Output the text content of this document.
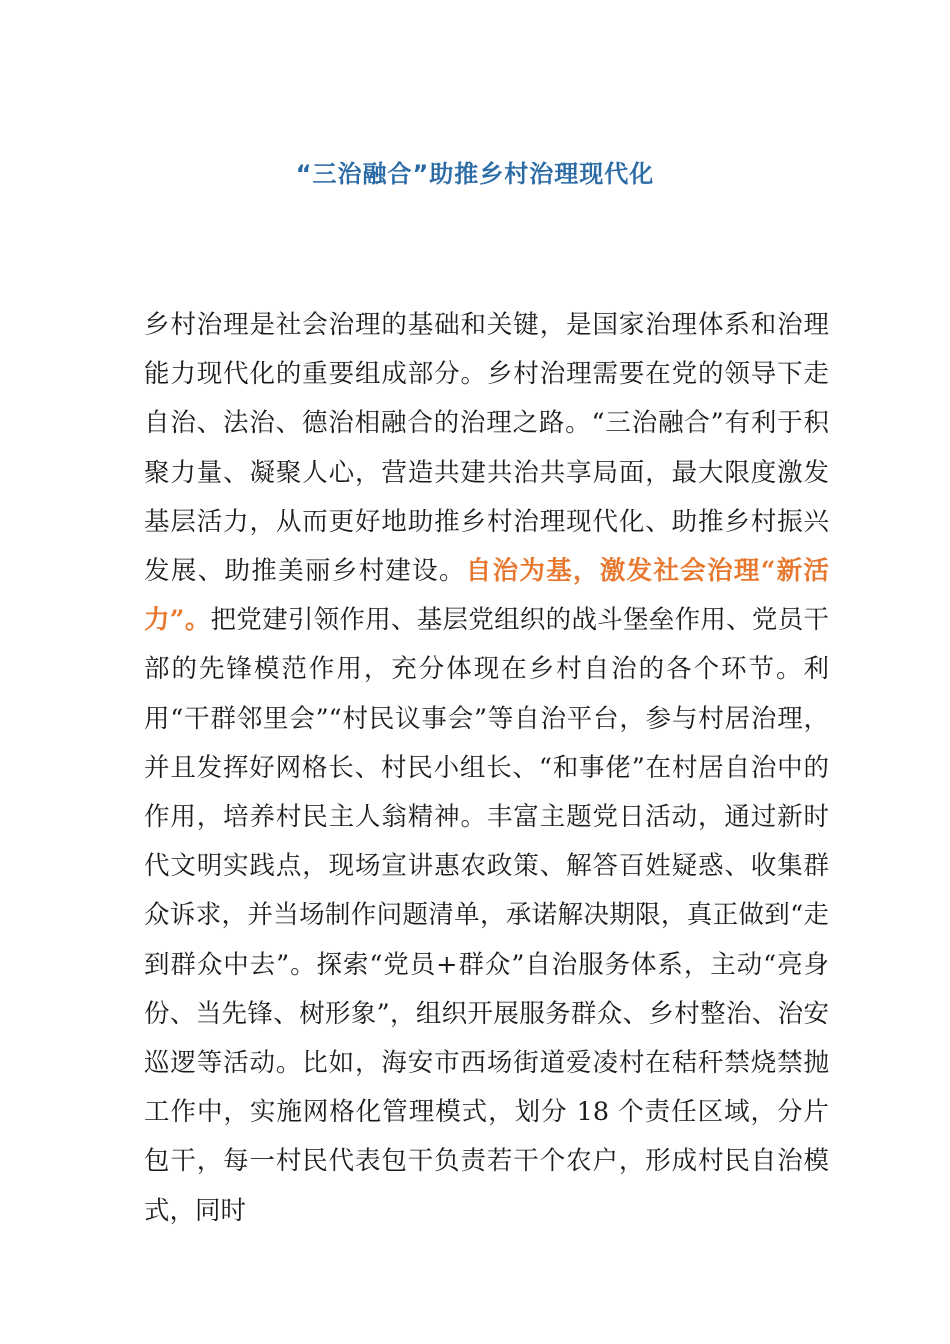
“三治融合”助推乡村治理现代化

乡村治理是社会治理的基础和关键，是国家治理体系和治理能力现代化的重要组成部分。乡村治理需要在党的领导下走自治、法治、德治相融合的治理之路。“三治融合”有利于积聚力量、凝聚人心，营造共建共治共享局面，最大限度激发基层活力，从而更好地助推乡村治理现代化、助推乡村振兴发展、助推美丽乡村建设。自治为基，激发社会治理“新活力”。把党建引领作用、基层党组织的战斗堡垒作用、党员干部的先锋模范作用，充分体现在乡村自治的各个环节。利用“干群邻里会”“村民议事会”等自治平台，参与村居治理，并且发挥好网格长、村民小组长、“和事佬”在村居自治中的作用，培养村民主人翁精神。丰富主题党日活动，通过新时代文明实践点，现场宣讲惠农政策、解答百姓疑惑、收集群众诉求，并当场制作问题清单，承诺解决期限，真正做到“走到群众中去”。探索“党员+群众”自治服务体系，主动“亮身份、当先锋、树形象”，组织开展服务群众、乡村整治、治安巡逻等活动。比如，海安市西场街道爱凌村在秸秆禁烧禁抛工作中，实施网格化管理模式，划分 18 个责任区域，分片包干，每一村民代表包干负责若干个农户，形成村民自治模式，同时
